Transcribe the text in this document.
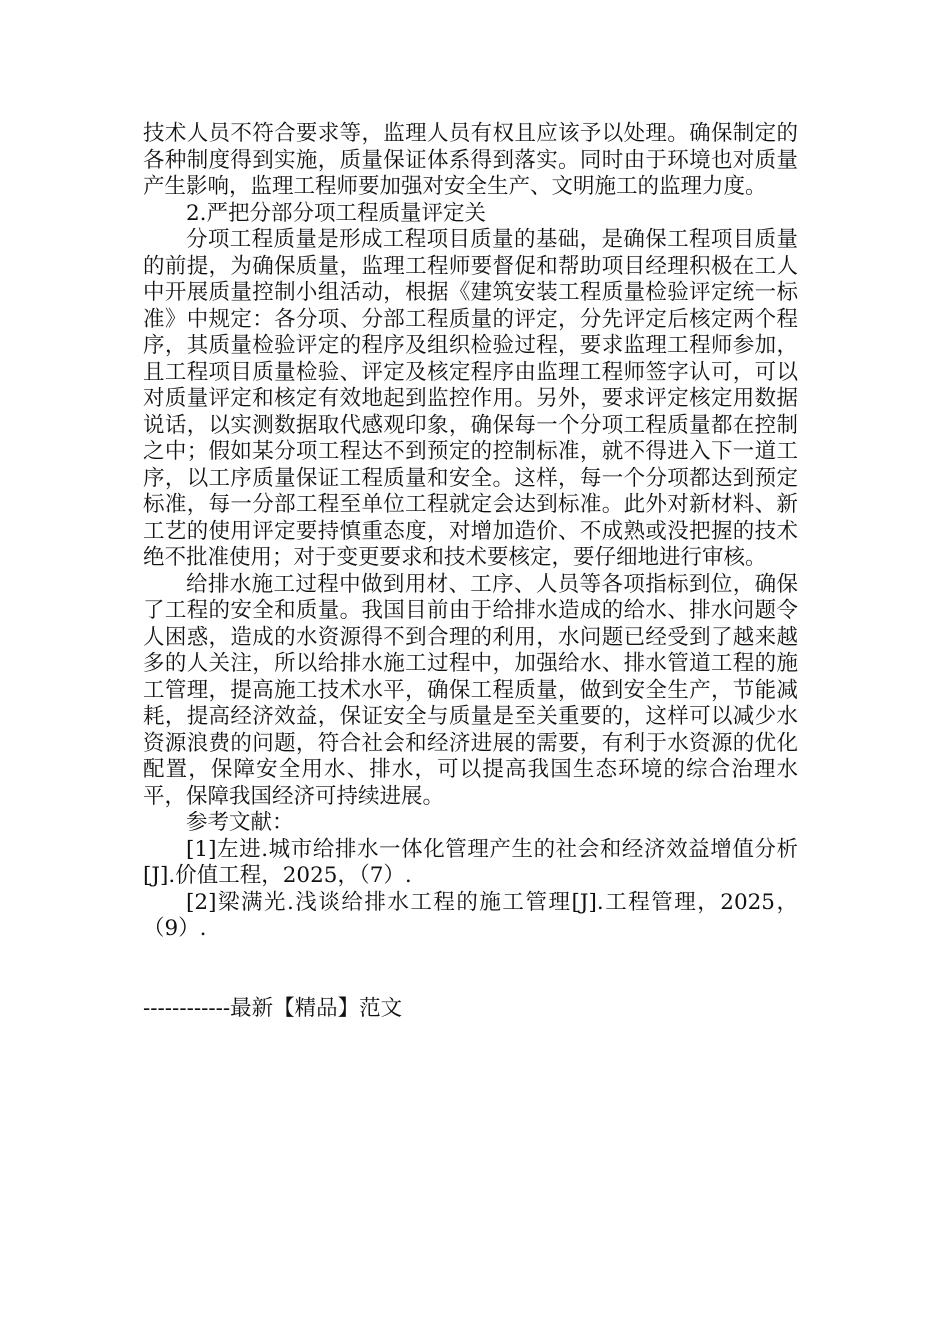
技术人员不符合要求等，监理人员有权且应该予以处理。确保制定的各种制度得到实施，质量保证体系得到落实。同时由于环境也对质量产生影响，监理工程师要加强对安全生产、文明施工的监理力度。

2.严把分部分项工程质量评定关

分项工程质量是形成工程项目质量的基础，是确保工程项目质量的前提，为确保质量，监理工程师要督促和帮助项目经理积极在工人中开展质量控制小组活动，根据《建筑安装工程质量检验评定统一标准》中规定：各分项、分部工程质量的评定，分先评定后核定两个程序，其质量检验评定的程序及组织检验过程，要求监理工程师参加，且工程项目质量检验、评定及核定程序由监理工程师签字认可，可以对质量评定和核定有效地起到监控作用。另外，要求评定核定用数据说话，以实测数据取代感观印象，确保每一个分项工程质量都在控制之中；假如某分项工程达不到预定的控制标准，就不得进入下一道工序，以工序质量保证工程质量和安全。这样，每一个分项都达到预定标准，每一分部工程至单位工程就定会达到标准。此外对新材料、新工艺的使用评定要持慎重态度，对增加造价、不成熟或没把握的技术绝不批准使用；对于变更要求和技术要核定，要仔细地进行审核。

给排水施工过程中做到用材、工序、人员等各项指标到位，确保了工程的安全和质量。我国目前由于给排水造成的给水、排水问题令人困惑，造成的水资源得不到合理的利用，水问题已经受到了越来越多的人关注，所以给排水施工过程中，加强给水、排水管道工程的施工管理，提高施工技术水平，确保工程质量，做到安全生产，节能减耗，提高经济效益，保证安全与质量是至关重要的，这样可以减少水资源浪费的问题，符合社会和经济进展的需要，有利于水资源的优化配置，保障安全用水、排水，可以提高我国生态环境的综合治理水平，保障我国经济可持续进展。

参考文献：

[1]左进.城市给排水一体化管理产生的社会和经济效益增值分析[J].价值工程，2025，（7）.

[2]梁满光.浅谈给排水工程的施工管理[J].工程管理，2025，（9）.

------------最新【精品】范文
